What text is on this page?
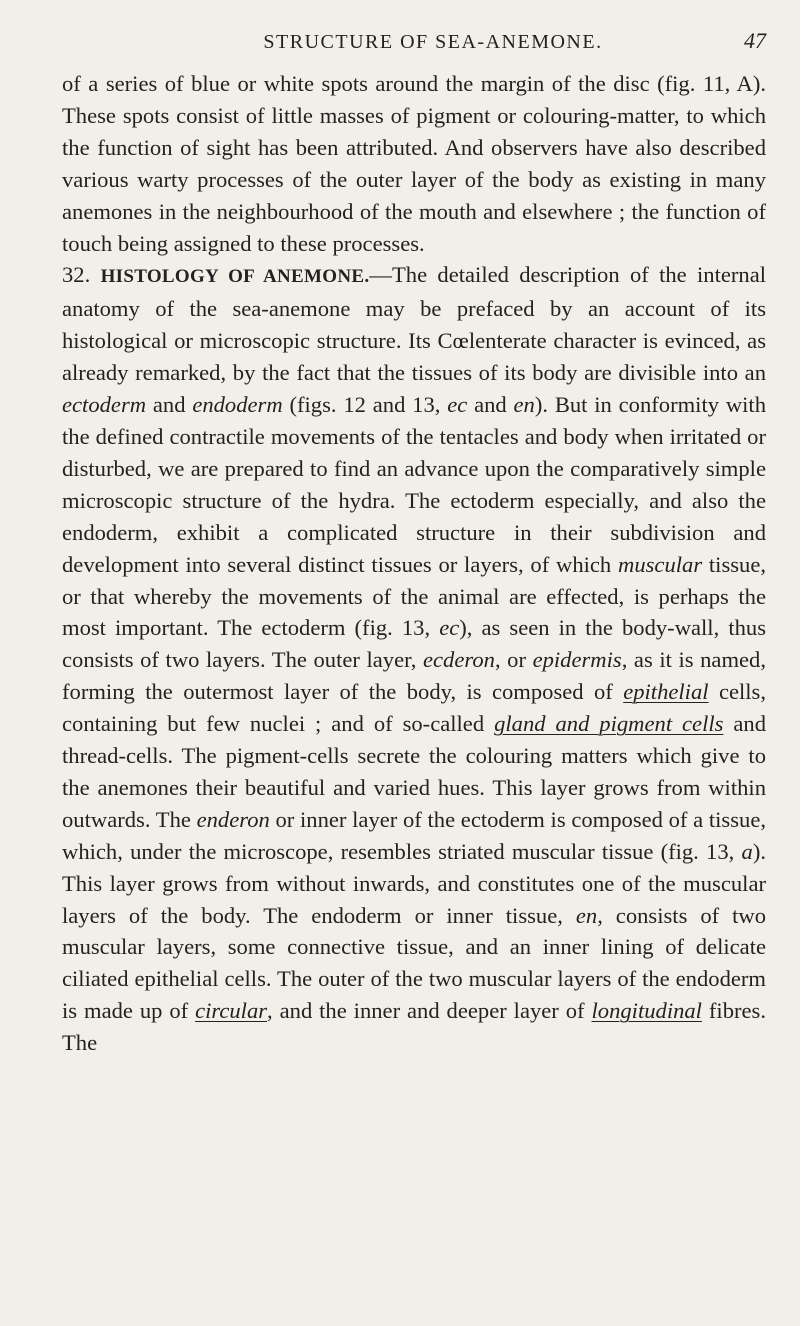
STRUCTURE OF SEA-ANEMONE.	47

of a series of blue or white spots around the margin of the disc (fig. 11, A). These spots consist of little masses of pigment or colouring-matter, to which the function of sight has been attributed. And observers have also described various warty processes of the outer layer of the body as existing in many anemones in the neighbourhood of the mouth and elsewhere ; the function of touch being assigned to these processes.

32. HISTOLOGY OF ANEMONE.—The detailed description of the internal anatomy of the sea-anemone may be prefaced by an account of its histological or microscopic structure. Its Cœlenterate character is evinced, as already remarked, by the fact that the tissues of its body are divisible into an ectoderm and endoderm (figs. 12 and 13, ec and en). But in conformity with the defined contractile movements of the tentacles and body when irritated or disturbed, we are prepared to find an advance upon the comparatively simple microscopic structure of the hydra. The ectoderm especially, and also the endoderm, exhibit a complicated structure in their subdivision and development into several distinct tissues or layers, of which muscular tissue, or that whereby the movements of the animal are effected, is perhaps the most important. The ectoderm (fig. 13, ec), as seen in the body-wall, thus consists of two layers. The outer layer, ecderon, or epidermis, as it is named, forming the outermost layer of the body, is composed of epithelial cells, containing but few nuclei ; and of so-called gland and pigment cells and thread-cells. The pigment-cells secrete the colouring matters which give to the anemones their beautiful and varied hues. This layer grows from within outwards. The enderon or inner layer of the ectoderm is composed of a tissue, which, under the microscope, resembles striated muscular tissue (fig. 13, a). This layer grows from without inwards, and constitutes one of the muscular layers of the body. The endoderm or inner tissue, en, consists of two muscular layers, some connective tissue, and an inner lining of delicate ciliated epithelial cells. The outer of the two muscular layers of the endoderm is made up of circular, and the inner and deeper layer of longitudinal fibres. The
